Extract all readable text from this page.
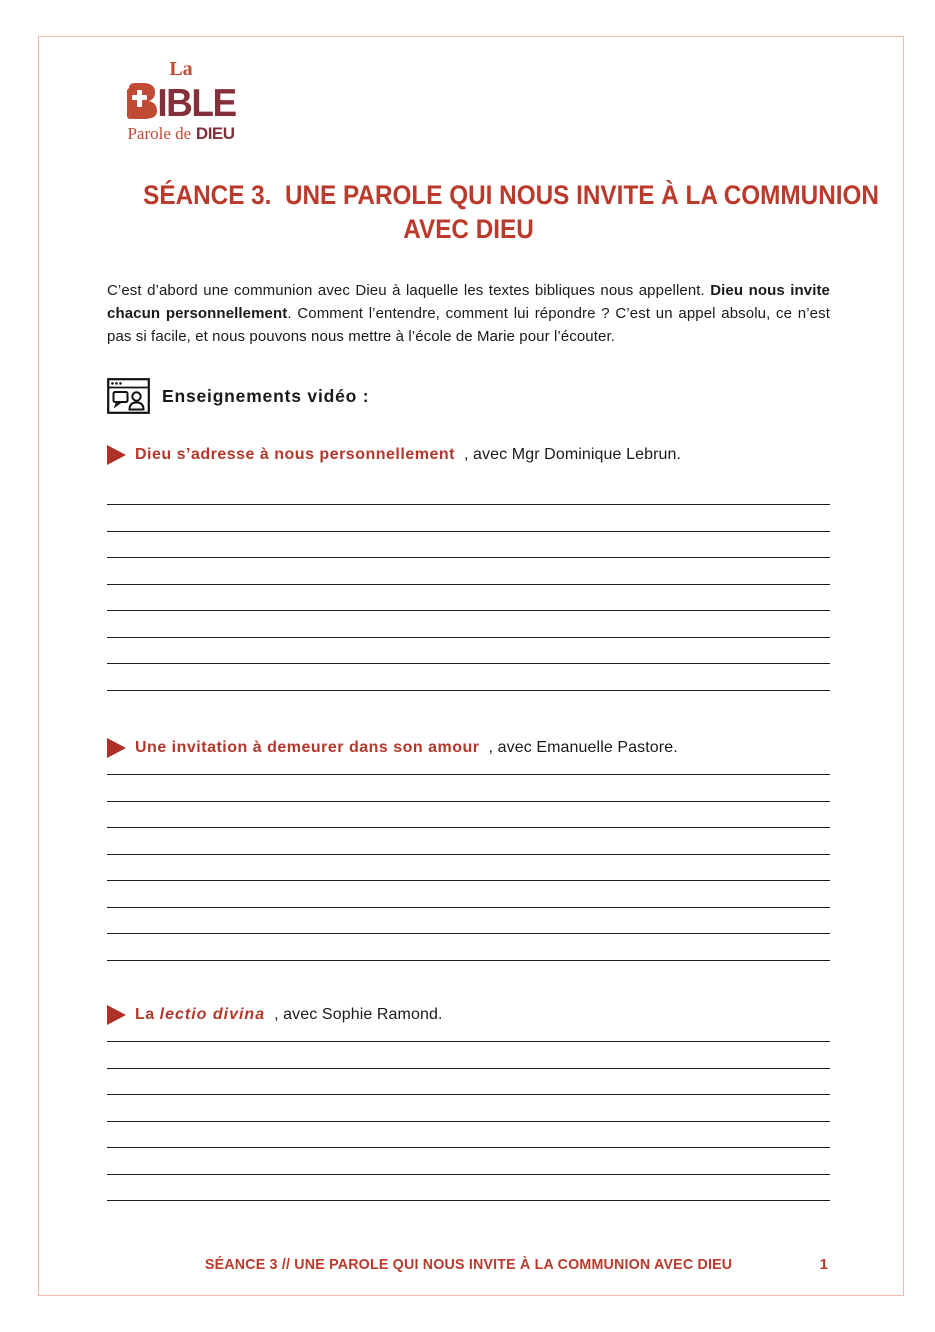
La
IBLE
Parole de DIEU
SÉANCE 3.  UNE PAROLE QUI NOUS INVITE À LA COMMUNION
AVEC DIEU

C’est d’abord une communion avec Dieu à laquelle les textes bibliques nous appellent. Dieu nous invite chacun personnellement. Comment l’entendre, comment lui répondre ? C’est un appel absolu, ce n’est pas si facile, et nous pouvons nous mettre à l’école de Marie pour l’écouter.

Enseignements vidéo :
Dieu s’adresse à nous personnellement , avec Mgr Dominique Lebrun.
Une invitation à demeurer dans son amour , avec Emanuelle Pastore.
La lectio divina , avec Sophie Ramond.
SÉANCE 3 // UNE PAROLE QUI NOUS INVITE À LA COMMUNION AVEC DIEU	1
